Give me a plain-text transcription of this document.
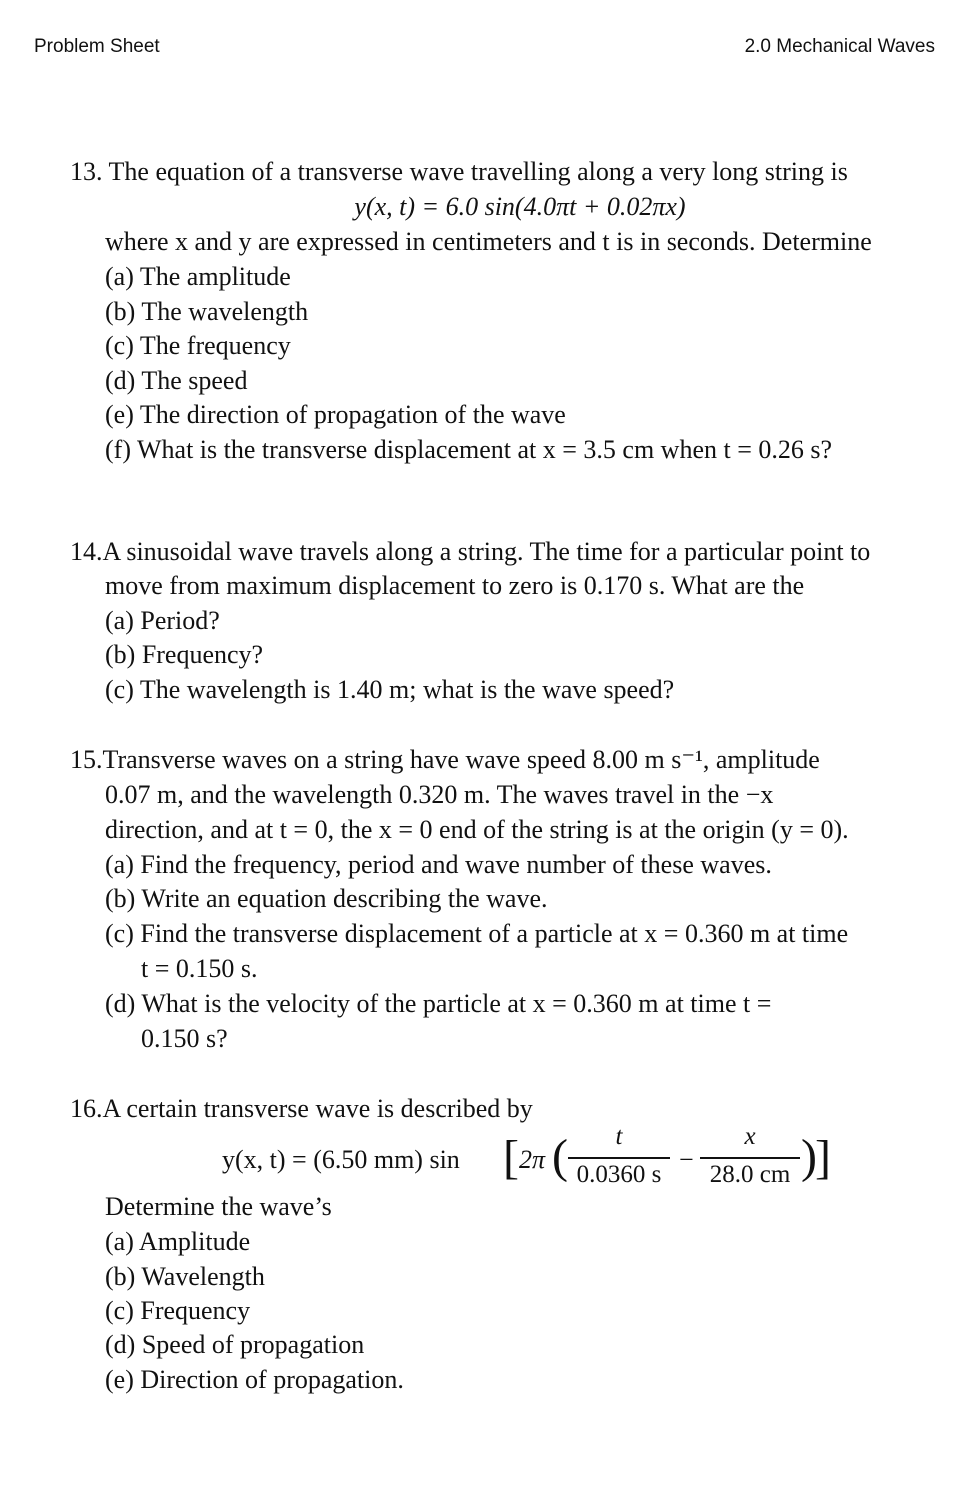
Problem Sheet	2.0 Mechanical Waves
13. The equation of a transverse wave travelling along a very long string is
y(x, t) = 6.0 sin(4.0πt + 0.02πx)
where x and y are expressed in centimeters and t is in seconds. Determine
(a) The amplitude
(b) The wavelength
(c) The frequency
(d) The speed
(e) The direction of propagation of the wave
(f) What is the transverse displacement at x = 3.5 cm when t = 0.26 s?
14.A sinusoidal wave travels along a string. The time for a particular point to
move from maximum displacement to zero is 0.170 s. What are the
(a) Period?
(b) Frequency?
(c) The wavelength is 1.40 m; what is the wave speed?
15.Transverse waves on a string have wave speed 8.00 m s⁻¹, amplitude
0.07 m, and the wavelength 0.320 m. The waves travel in the −x
direction, and at t = 0, the x = 0 end of the string is at the origin (y = 0).
(a) Find the frequency, period and wave number of these waves.
(b) Write an equation describing the wave.
(c) Find the transverse displacement of a particle at x = 0.360 m at time
t = 0.150 s.
(d) What is the velocity of the particle at x = 0.360 m at time t =
0.150 s?
16.A certain transverse wave is described by
y(x, t) = (6.50 mm) sin [ 2π (	t
0.0360 s
−
x
28.0 cm )
]
Determine the wave’s
(a) Amplitude
(b) Wavelength
(c) Frequency
(d) Speed of propagation
(e) Direction of propagation.
